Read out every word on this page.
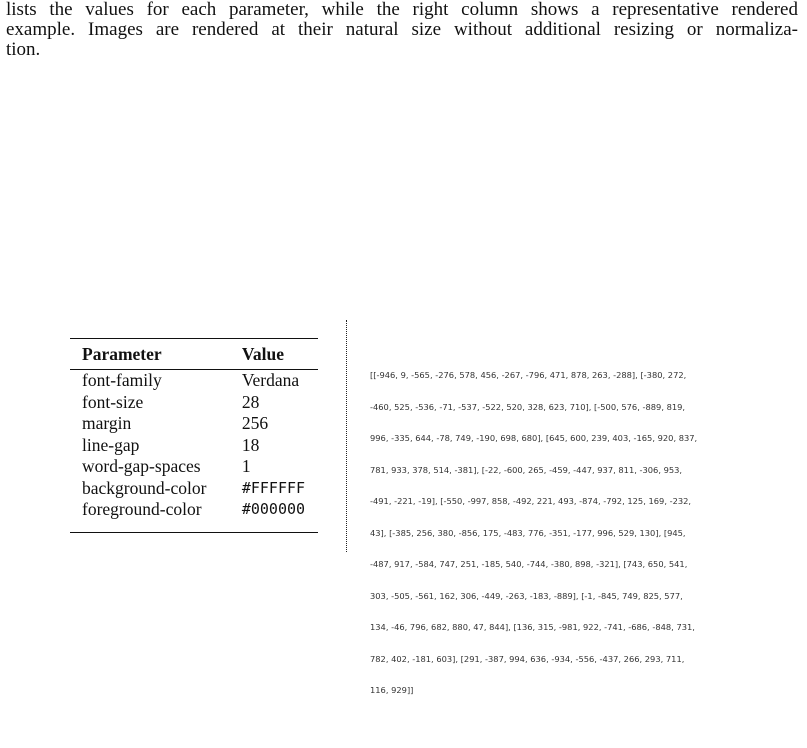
lists the values for each parameter, while the right column shows a representative rendered
example. Images are rendered at their natural size without additional resizing or normaliza-
tion.
Parameter	Value
font-family	Verdana
font-size	28
margin	256
line-gap	18
word-gap-spaces	1
background-color	#FFFFFF
foreground-color	#000000

[[-946, 9, -565, -276, 578, 456, -267, -796, 471, 878, 263, -288], [-380, 272,

-460, 525, -536, -71, -537, -522, 520, 328, 623, 710], [-500, 576, -889, 819,

996, -335, 644, -78, 749, -190, 698, 680], [645, 600, 239, 403, -165, 920, 837,

781, 933, 378, 514, -381], [-22, -600, 265, -459, -447, 937, 811, -306, 953,

-491, -221, -19], [-550, -997, 858, -492, 221, 493, -874, -792, 125, 169, -232,

43], [-385, 256, 380, -856, 175, -483, 776, -351, -177, 996, 529, 130], [945,

-487, 917, -584, 747, 251, -185, 540, -744, -380, 898, -321], [743, 650, 541,

303, -505, -561, 162, 306, -449, -263, -183, -889], [-1, -845, 749, 825, 577,

134, -46, 796, 682, 880, 47, 844], [136, 315, -981, 922, -741, -686, -848, 731,

782, 402, -181, 603], [291, -387, 994, 636, -934, -556, -437, 266, 293, 711,

116, 929]]
